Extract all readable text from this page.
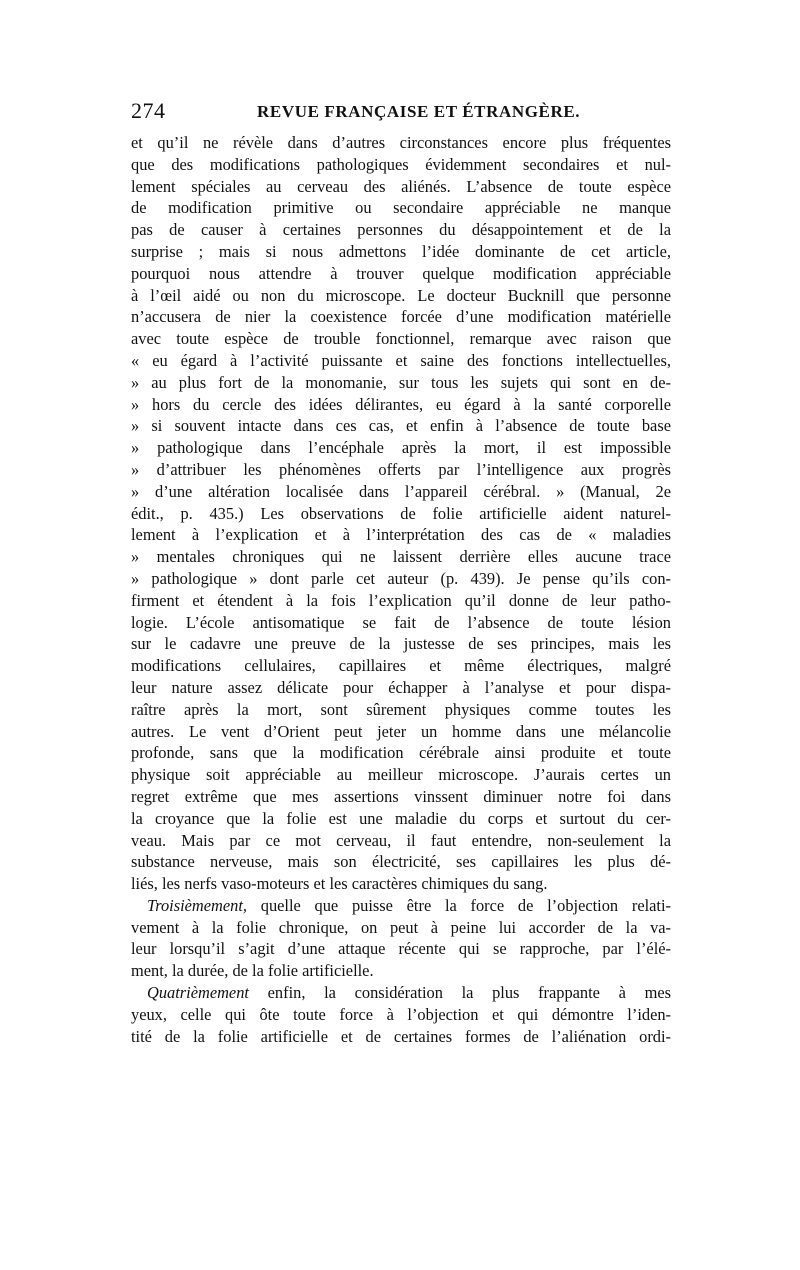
274	REVUE FRANÇAISE ET ÉTRANGÈRE.
et qu’il ne révèle dans d’autres circonstances encore plus fréquentes
que des modifications pathologiques évidemment secondaires et nul-
lement spéciales au cerveau des aliénés. L’absence de toute espèce
de modification primitive ou secondaire appréciable ne manque
pas de causer à certaines personnes du désappointement et de la
surprise ; mais si nous admettons l’idée dominante de cet article,
pourquoi nous attendre à trouver quelque modification appréciable
à l’œil aidé ou non du microscope. Le docteur Bucknill que personne
n’accusera de nier la coexistence forcée d’une modification matérielle
avec toute espèce de trouble fonctionnel, remarque avec raison que
« eu égard à l’activité puissante et saine des fonctions intellectuelles,
» au plus fort de la monomanie, sur tous les sujets qui sont en de-
» hors du cercle des idées délirantes, eu égard à la santé corporelle
» si souvent intacte dans ces cas, et enfin à l’absence de toute base
» pathologique dans l’encéphale après la mort, il est impossible
» d’attribuer les phénomènes offerts par l’intelligence aux progrès
» d’une altération localisée dans l’appareil cérébral. » (Manual, 2e
édit., p. 435.) Les observations de folie artificielle aident naturel-
lement à l’explication et à l’interprétation des cas de « maladies
» mentales chroniques qui ne laissent derrière elles aucune trace
» pathologique » dont parle cet auteur (p. 439). Je pense qu’ils con-
firment et étendent à la fois l’explication qu’il donne de leur patho-
logie. L’école antisomatique se fait de l’absence de toute lésion
sur le cadavre une preuve de la justesse de ses principes, mais les
modifications cellulaires, capillaires et même électriques, malgré
leur nature assez délicate pour échapper à l’analyse et pour dispa-
raître après la mort, sont sûrement physiques comme toutes les
autres. Le vent d’Orient peut jeter un homme dans une mélancolie
profonde, sans que la modification cérébrale ainsi produite et toute
physique soit appréciable au meilleur microscope. J’aurais certes un
regret extrême que mes assertions vinssent diminuer notre foi dans
la croyance que la folie est une maladie du corps et surtout du cer-
veau. Mais par ce mot cerveau, il faut entendre, non-seulement la
substance nerveuse, mais son électricité, ses capillaires les plus dé-
liés, les nerfs vaso-moteurs et les caractères chimiques du sang.
Troisièmement, quelle que puisse être la force de l’objection relati-
vement à la folie chronique, on peut à peine lui accorder de la va-
leur lorsqu’il s’agit d’une attaque récente qui se rapproche, par l’élé-
ment, la durée, de la folie artificielle.
Quatrièmement enfin, la considération la plus frappante à mes
yeux, celle qui ôte toute force à l’objection et qui démontre l’iden-
tité de la folie artificielle et de certaines formes de l’aliénation ordi-
